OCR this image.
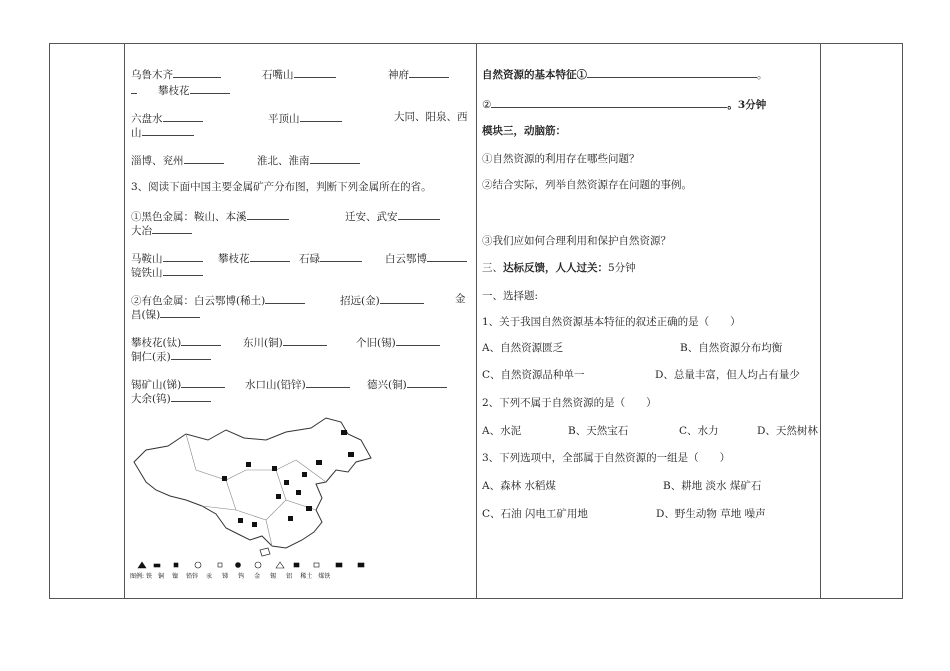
乌鲁木齐	石嘴山	神府

　　攀枝花

六盘水	平顶山	大同、阳泉、西

山

淄博、兖州	淮北、淮南

3、阅读下面中国主要金属矿产分布图，判断下列金属所在的省。

①黑色金属：鞍山、本溪	迁安、武安

大冶

马鞍山	攀枝花	石碌	白云鄂博

镜铁山

②有色金属：白云鄂博(稀土)	招远(金)	金

昌(镍)

攀枝花(钛)	东川(铜)	个旧(锡)

铜仁(汞)

锡矿山(锑)	水口山(铅锌)	德兴(铜)

大余(钨)

图例: 铁 铜 镍 铅锌 汞 锑 钨 金 锡 铝 稀土 煤铁

自然资源的基本特征①	。

②	。3分钟

模块三，动脑筋：

①自然资源的利用存在哪些问题？

②结合实际，列举自然资源存在问题的事例。

③我们应如何合理利用和保护自然资源？

三、达标反馈，人人过关：5分钟

一、选择题:

1、关于我国自然资源基本特征的叙述正确的是（　　）

A、自然资源匮乏	B、自然资源分布均衡

C、自然资源品种单一	D、总量丰富，但人均占有量少

2、下列不属于自然资源的是（　　）

A、水泥	B、天然宝石	C、水力	D、天然树林

3、下列选项中，全部属于自然资源的一组是（　　）

A、森林 水稻煤	B、耕地 淡水 煤矿石

C、石油 闪电工矿用地	D、野生动物 草地 噪声
